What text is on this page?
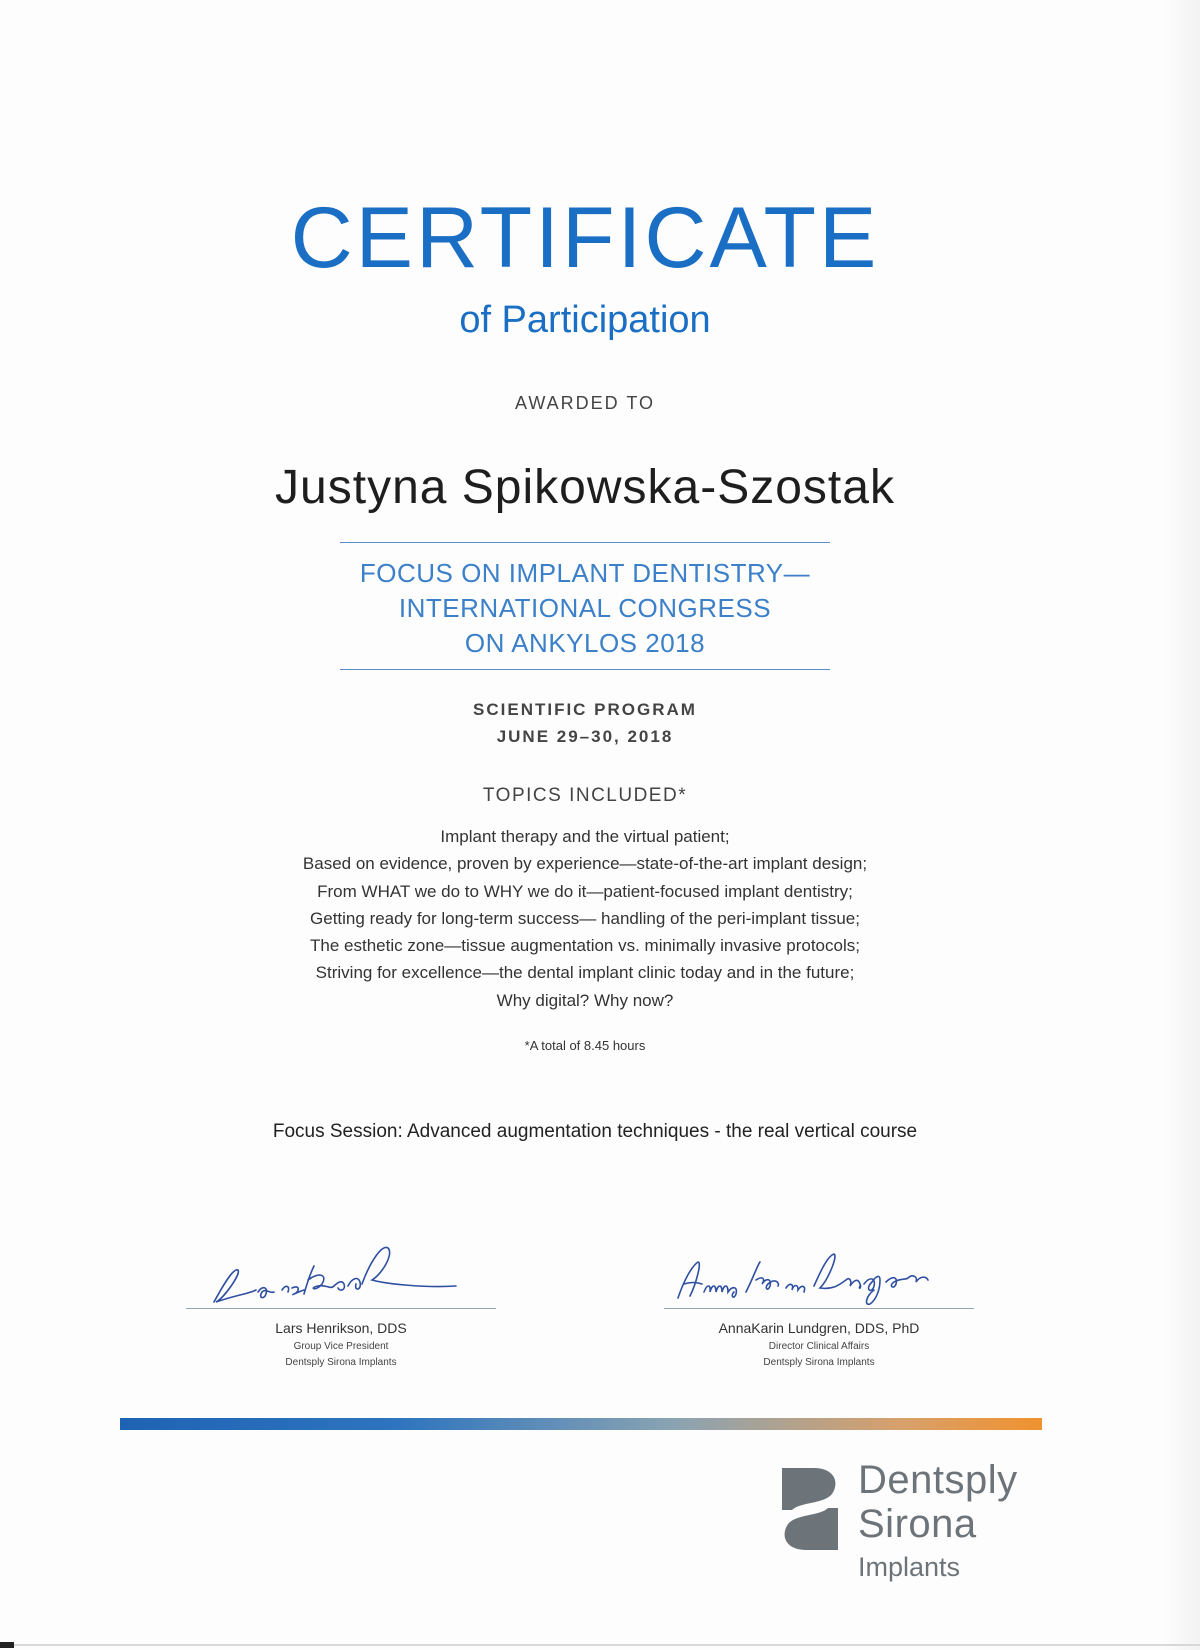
CERTIFICATE
of Participation
AWARDED TO
Justyna Spikowska-Szostak
FOCUS ON IMPLANT DENTISTRY—
INTERNATIONAL CONGRESS
ON ANKYLOS 2018
SCIENTIFIC PROGRAM
JUNE 29–30, 2018
TOPICS INCLUDED*
Implant therapy and the virtual patient;
Based on evidence, proven by experience—state-of-the-art implant design;
From WHAT we do to WHY we do it—patient-focused implant dentistry;
Getting ready for long-term success— handling of the peri-implant tissue;
The esthetic zone—tissue augmentation vs. minimally invasive protocols;
Striving for excellence—the dental implant clinic today and in the future;
Why digital? Why now?
*A total of 8.45 hours
Focus Session: Advanced augmentation techniques - the real vertical course
Lars Henrikson, DDS
Group Vice President
Dentsply Sirona Implants
AnnaKarin Lundgren, DDS, PhD
Director Clinical Affairs
Dentsply Sirona Implants
Dentsply
Sirona
Implants
